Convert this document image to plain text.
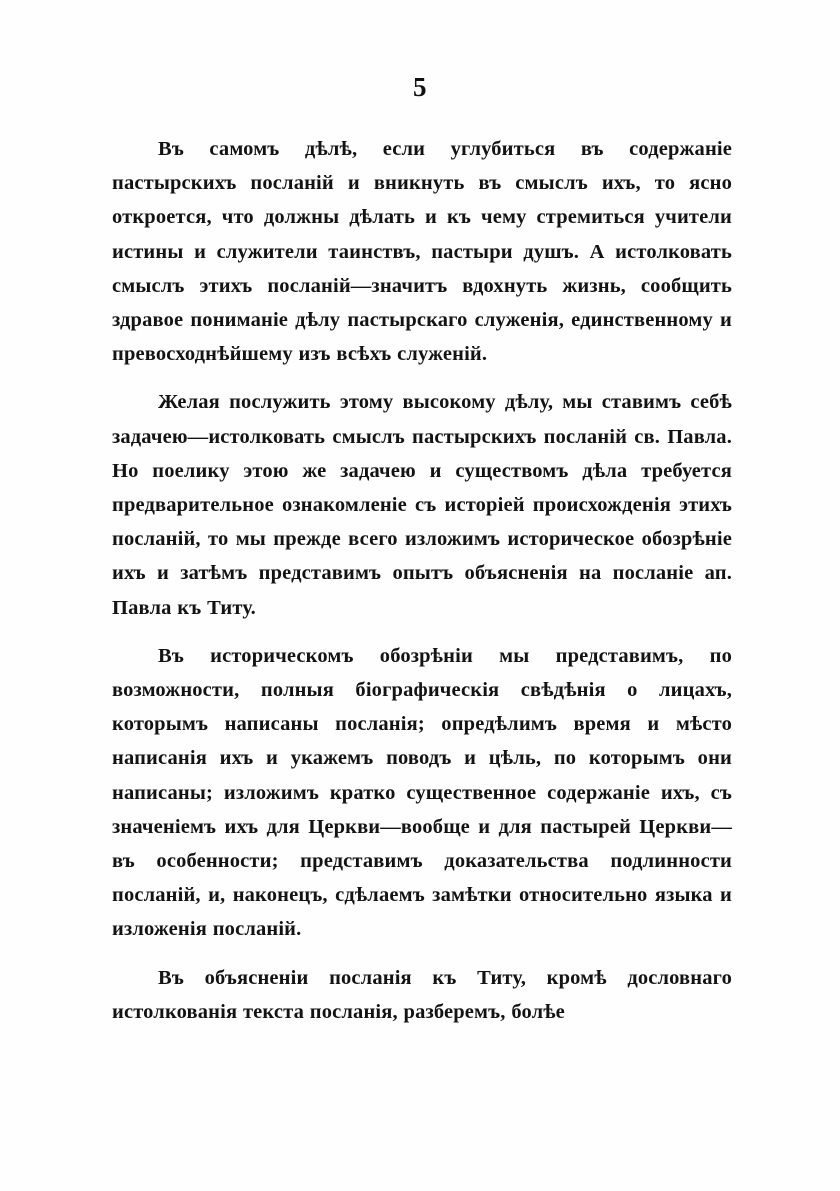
5

Въ самомъ дѣлѣ, если углубиться въ содержаніе пастырскихъ посланій и вникнуть въ смыслъ ихъ, то ясно откроется, что должны дѣлать и къ чему стремиться учители истины и служители таинствъ, пастыри душъ. А истолковать смыслъ этихъ посланій—значитъ вдохнуть жизнь, сообщить здравое пониманіе дѣлу пастырскаго служенія, единственному и превосходнѣйшему изъ всѣхъ служеній.

Желая послужить этому высокому дѣлу, мы ставимъ себѣ задачею—истолковать смыслъ пастырскихъ посланій св. Павла. Но поелику этою же задачею и существомъ дѣла требуется предварительное ознакомленіе съ исторіей происхожденія этихъ посланій, то мы прежде всего изложимъ историческое обозрѣніе ихъ и затѣмъ представимъ опытъ объясненія на посланіе ап. Павла къ Титу.

Въ историческомъ обозрѣніи мы представимъ, по возможности, полныя біографическія свѣдѣнія о лицахъ, которымъ написаны посланія; опредѣлимъ время и мѣсто написанія ихъ и укажемъ поводъ и цѣль, по которымъ они написаны; изложимъ кратко существенное содержаніе ихъ, съ значеніемъ ихъ для Церкви—вообще и для пастырей Церкви—въ особенности; представимъ доказательства подлинности посланій, и, наконецъ, сдѣлаемъ замѣтки относительно языка и изложенія посланій.

Въ объясненіи посланія къ Титу, кромѣ дословнаго истолкованія текста посланія, разберемъ, болѣе
